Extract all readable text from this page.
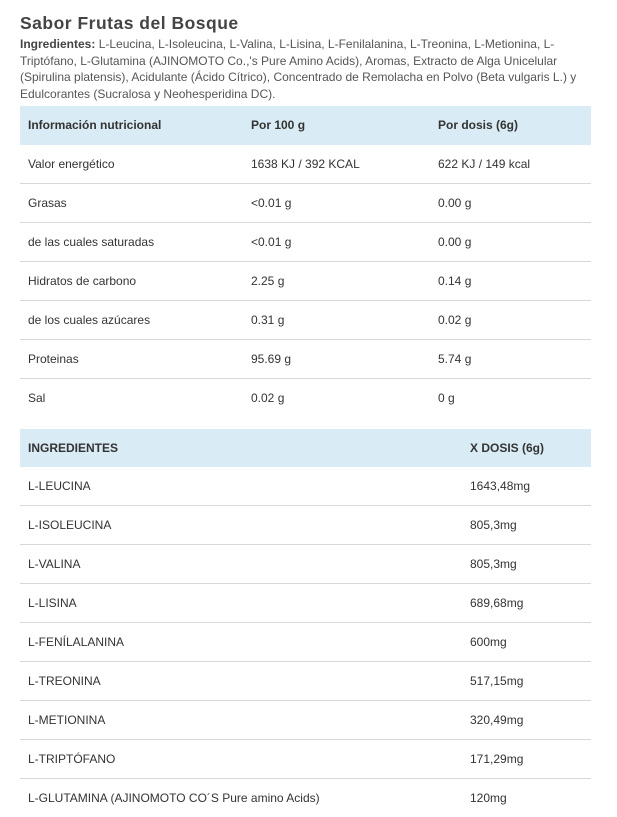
Sabor Frutas del Bosque

Ingredientes: L-Leucina, L-Isoleucina, L-Valina, L-Lisina, L-Fenilalanina, L-Treonina, L-Metionina, L-Triptófano, L-Glutamina (AJINOMOTO Co.,'s Pure Amino Acids), Aromas, Extracto de Alga Unicelular (Spirulina platensis), Acidulante (Ácido Cítrico), Concentrado de Remolacha en Polvo (Beta vulgaris L.) y Edulcorantes (Sucralosa y Neohesperidina DC).

Información nutricional	Por 100 g	Por dosis (6g)
Valor energético	1638 KJ / 392 KCAL	622 KJ / 149 kcal
Grasas	<0.01 g	0.00 g
de las cuales saturadas	<0.01 g	0.00 g
Hidratos de carbono	2.25 g	0.14 g
de los cuales azúcares	0.31 g	0.02 g
Proteinas	95.69 g	5.74 g
Sal	0.02 g	0 g
INGREDIENTES	X DOSIS (6g)
L-LEUCINA	1643,48mg
L-ISOLEUCINA	805,3mg
L-VALINA	805,3mg
L-LISINA	689,68mg
L-FENÍLALANINA	600mg
L-TREONINA	517,15mg
L-METIONINA	320,49mg
L-TRIPTÓFANO	171,29mg
L-GLUTAMINA (AJINOMOTO CO´S Pure amino Acids)	120mg
